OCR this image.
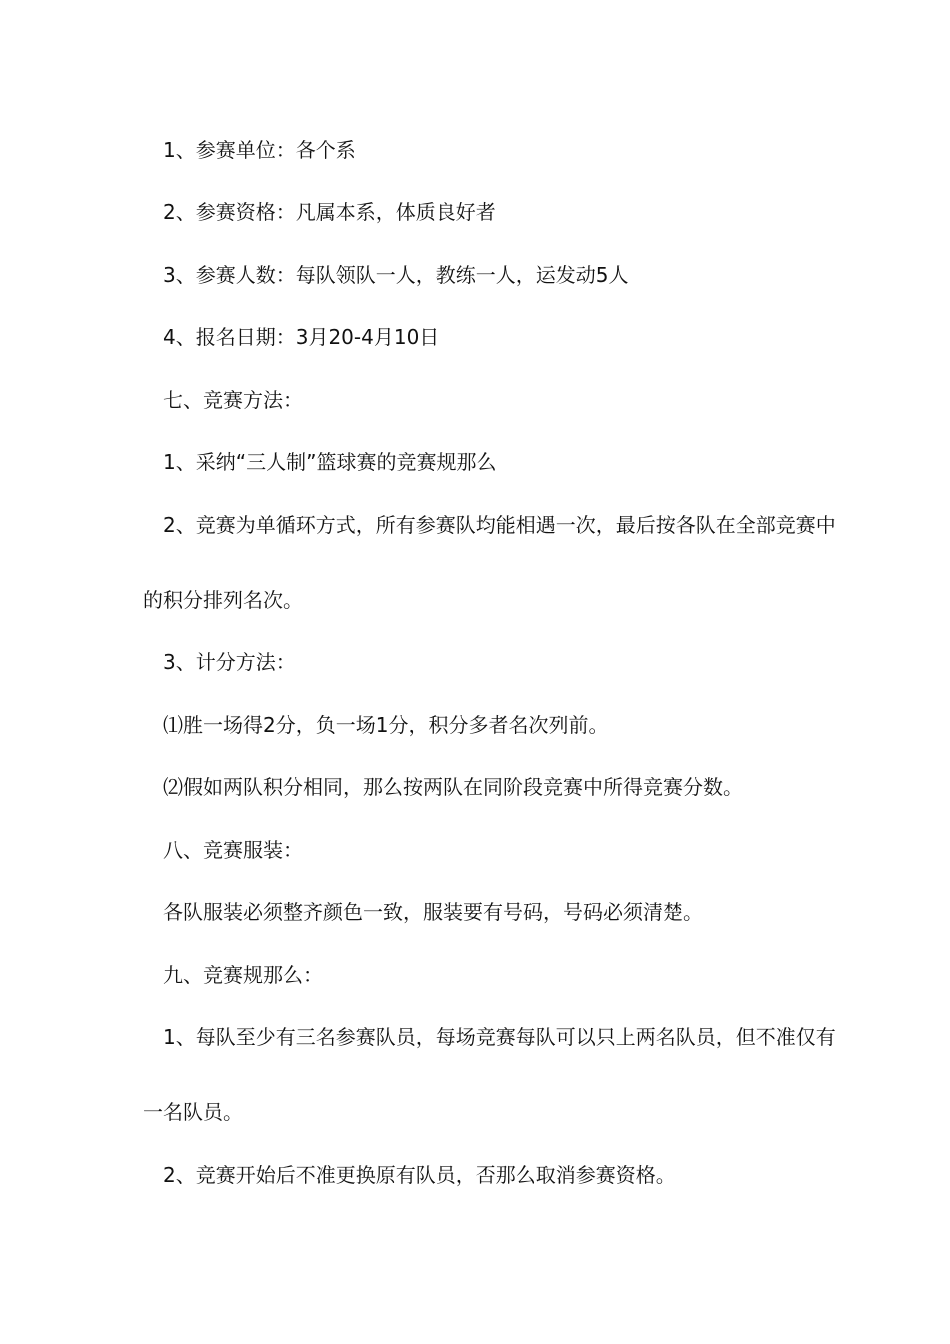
1、参赛单位：各个系
2、参赛资格：凡属本系，体质良好者
3、参赛人数：每队领队一人，教练一人，运发动5人
4、报名日期：3月20-4月10日
七、竞赛方法：
1、采纳“三人制”篮球赛的竞赛规那么
2、竞赛为单循环方式，所有参赛队均能相遇一次，最后按各队在全部竞赛中
的积分排列名次。
3、计分方法：
⑴胜一场得2分，负一场1分，积分多者名次列前。
⑵假如两队积分相同，那么按两队在同阶段竞赛中所得竞赛分数。
八、竞赛服装：
各队服装必须整齐颜色一致，服装要有号码，号码必须清楚。
九、竞赛规那么：
1、每队至少有三名参赛队员，每场竞赛每队可以只上两名队员，但不准仅有
一名队员。
2、竞赛开始后不准更换原有队员，否那么取消参赛资格。
